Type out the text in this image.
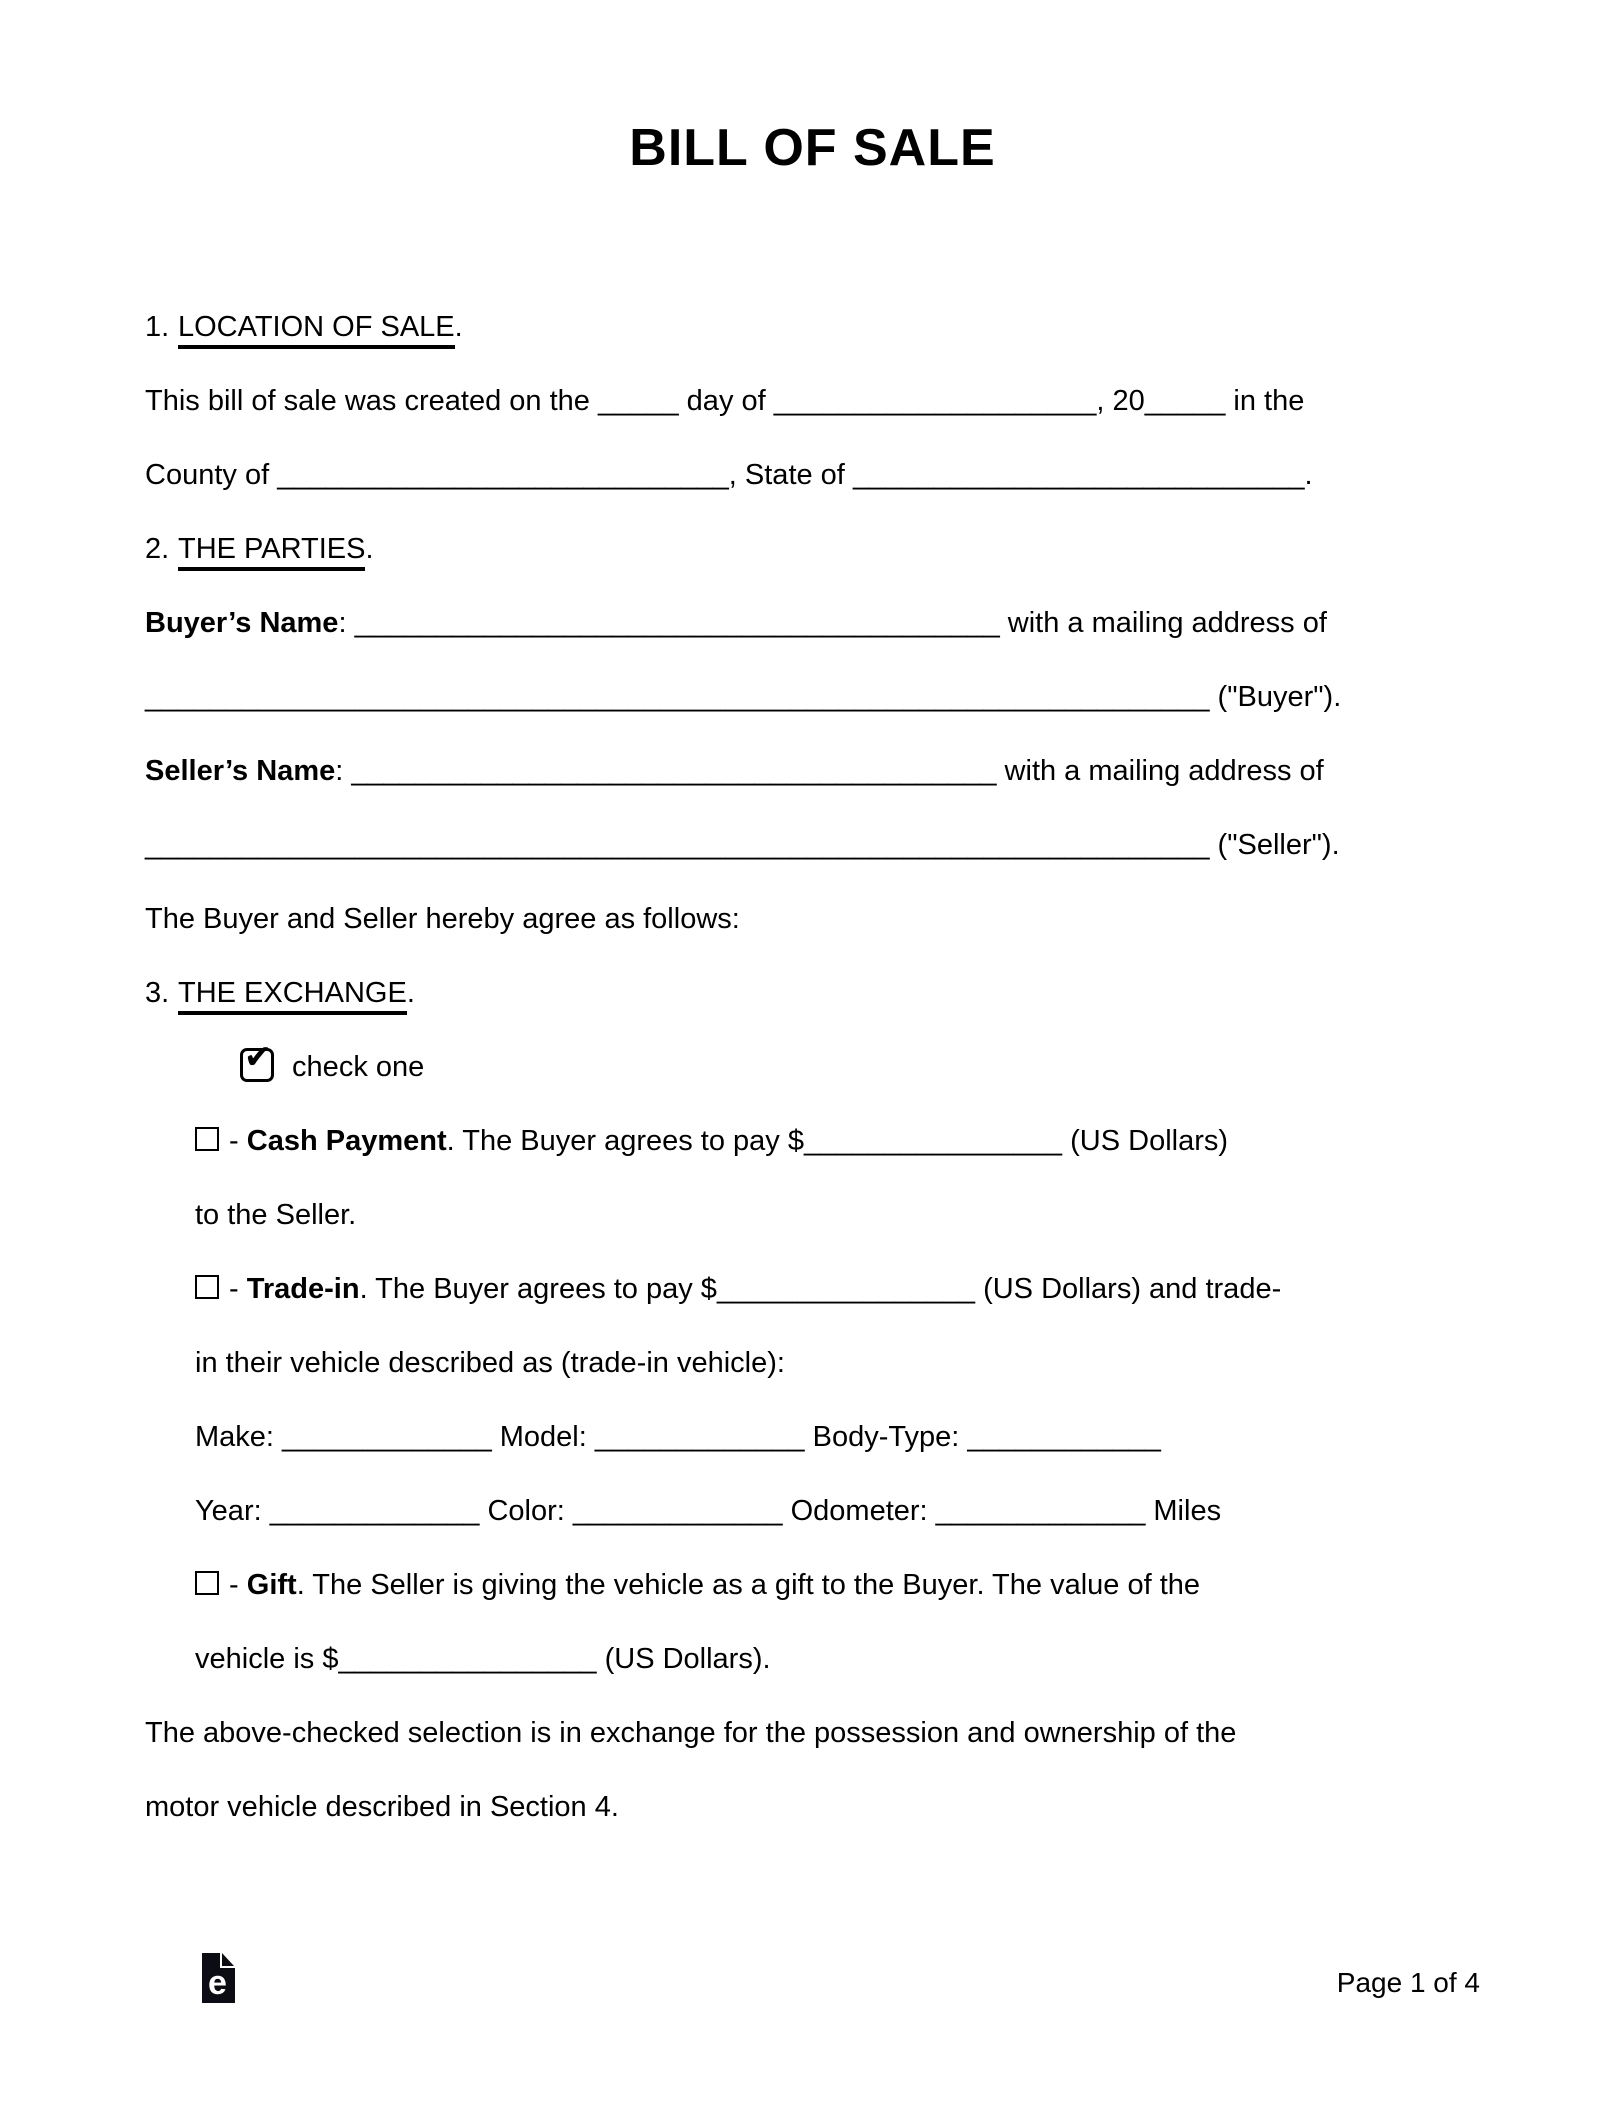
BILL OF SALE
1. LOCATION OF SALE.
This bill of sale was created on the _____ day of ____________________, 20_____ in the
County of ____________________________, State of ____________________________.
2. THE PARTIES.
Buyer’s Name: ________________________________________ with a mailing address of
__________________________________________________________________ ("Buyer").
Seller’s Name: ________________________________________ with a mailing address of
__________________________________________________________________ ("Seller").
The Buyer and Seller hereby agree as follows:
3. THE EXCHANGE.
✔ check one
- Cash Payment. The Buyer agrees to pay $________________ (US Dollars)
to the Seller.
- Trade-in. The Buyer agrees to pay $________________ (US Dollars) and trade-
in their vehicle described as (trade-in vehicle):
Make: _____________ Model: _____________ Body-Type: ____________
Year: _____________ Color: _____________ Odometer: _____________ Miles
- Gift. The Seller is giving the vehicle as a gift to the Buyer. The value of the
vehicle is $________________ (US Dollars).
The above-checked selection is in exchange for the possession and ownership of the
motor vehicle described in Section 4.
e	Page 1 of 4
